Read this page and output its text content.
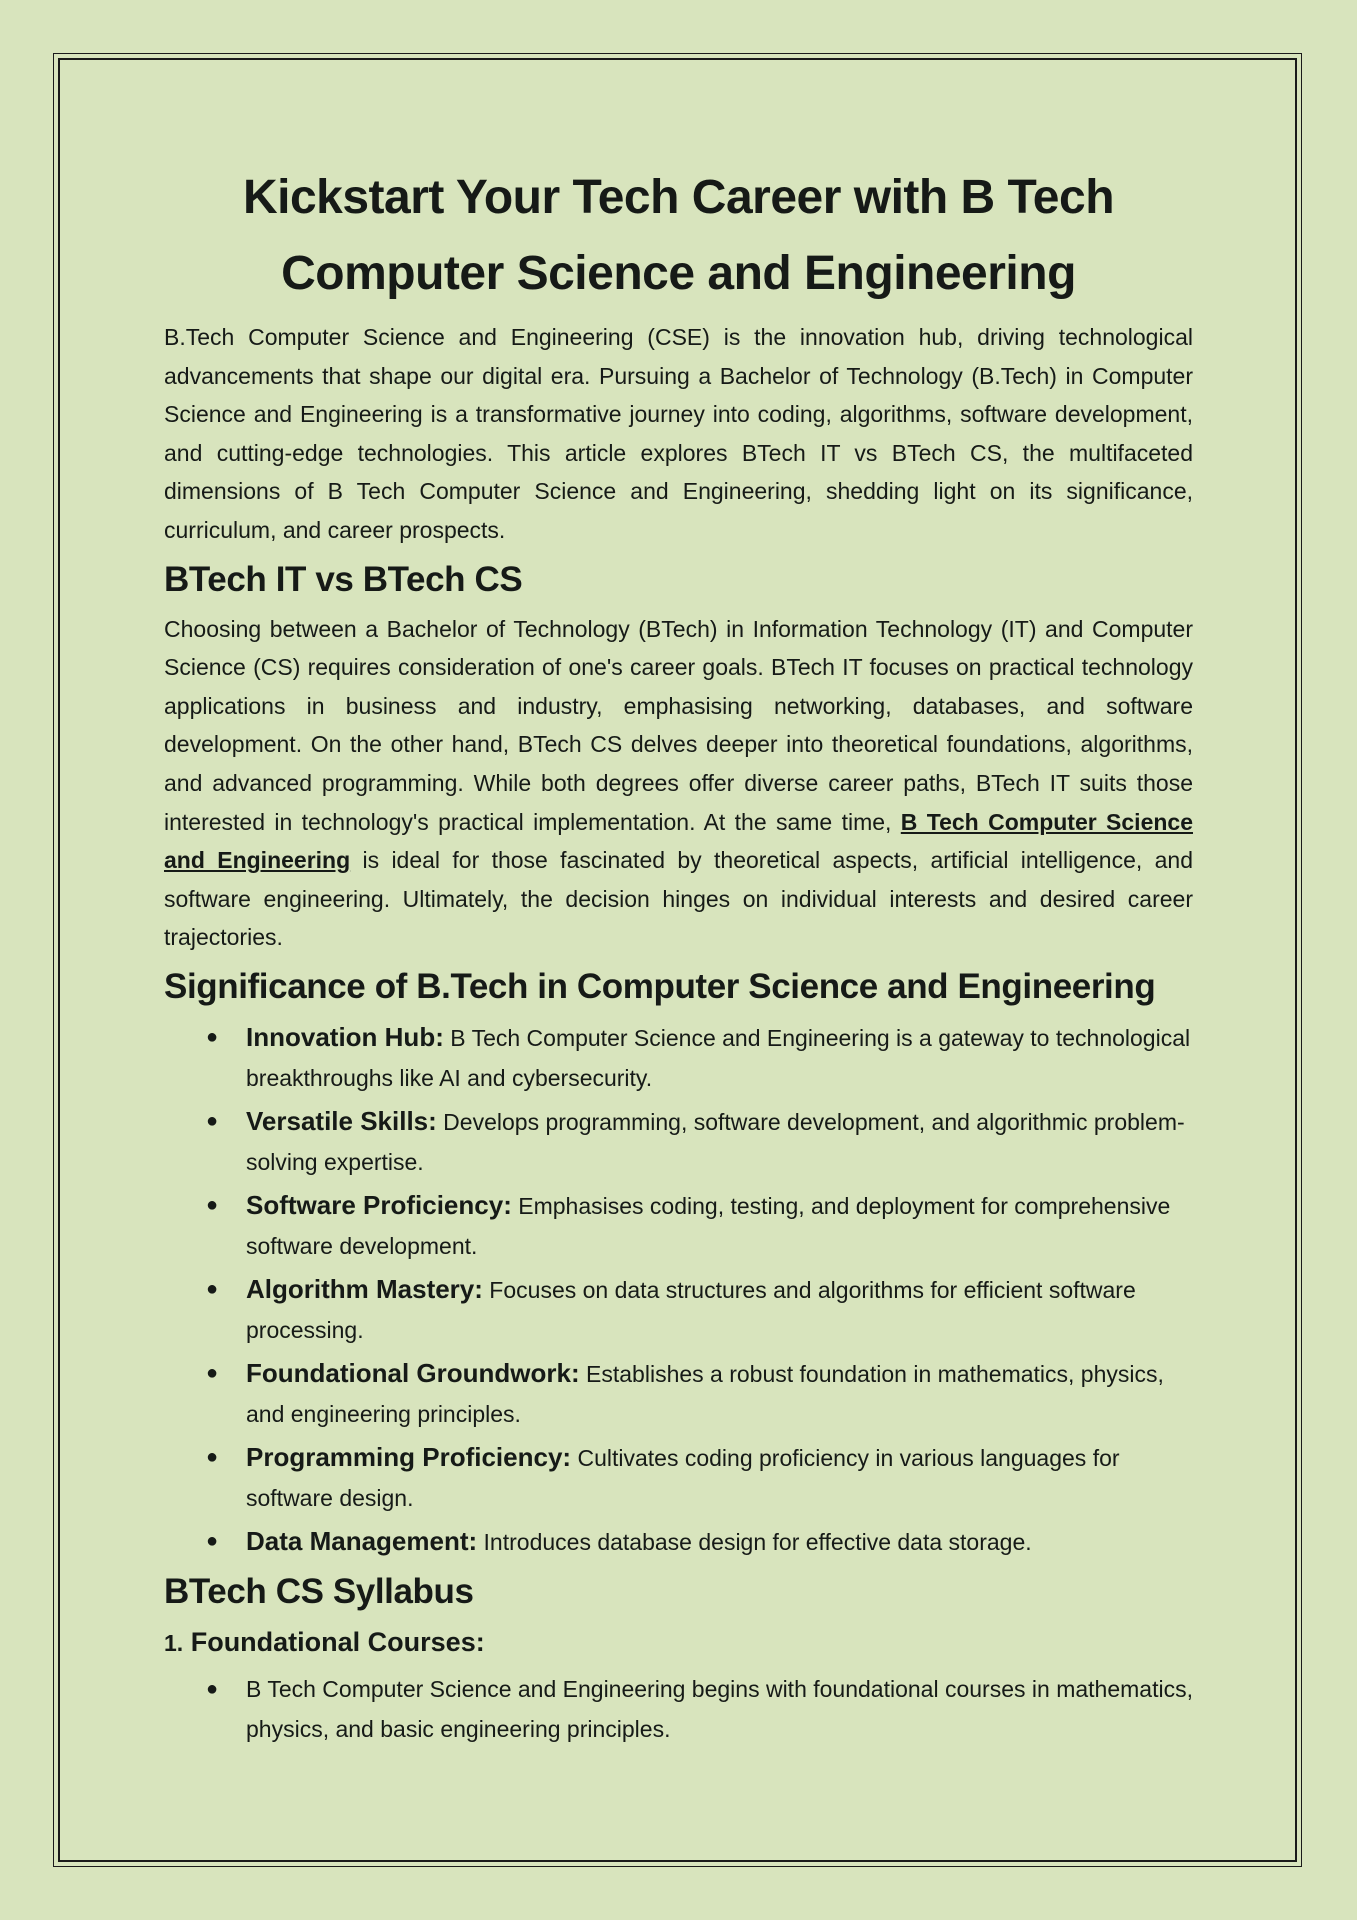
Kickstart Your Tech Career with B Tech Computer Science and Engineering

B.Tech Computer Science and Engineering (CSE) is the innovation hub, driving technological advancements that shape our digital era. Pursuing a Bachelor of Technology (B.Tech) in Computer Science and Engineering is a transformative journey into coding, algorithms, software development, and cutting-edge technologies. This article explores BTech IT vs BTech CS, the multifaceted dimensions of B Tech Computer Science and Engineering, shedding light on its significance, curriculum, and career prospects.

BTech IT vs BTech CS

Choosing between a Bachelor of Technology (BTech) in Information Technology (IT) and Computer Science (CS) requires consideration of one's career goals. BTech IT focuses on practical technology applications in business and industry, emphasising networking, databases, and software development. On the other hand, BTech CS delves deeper into theoretical foundations, algorithms, and advanced programming. While both degrees offer diverse career paths, BTech IT suits those interested in technology's practical implementation. At the same time, B Tech Computer Science and Engineering is ideal for those fascinated by theoretical aspects, artificial intelligence, and software engineering. Ultimately, the decision hinges on individual interests and desired career trajectories.

Significance of B.Tech in Computer Science and Engineering
● Innovation Hub: B Tech Computer Science and Engineering is a gateway to technological breakthroughs like AI and cybersecurity.
● Versatile Skills: Develops programming, software development, and algorithmic problem-solving expertise.
● Software Proficiency: Emphasises coding, testing, and deployment for comprehensive software development.
● Algorithm Mastery: Focuses on data structures and algorithms for efficient software processing.
● Foundational Groundwork: Establishes a robust foundation in mathematics, physics, and engineering principles.
● Programming Proficiency: Cultivates coding proficiency in various languages for software design.
● Data Management: Introduces database design for effective data storage.
BTech CS Syllabus
1. Foundational Courses:
● B Tech Computer Science and Engineering begins with foundational courses in mathematics, physics, and basic engineering principles.
